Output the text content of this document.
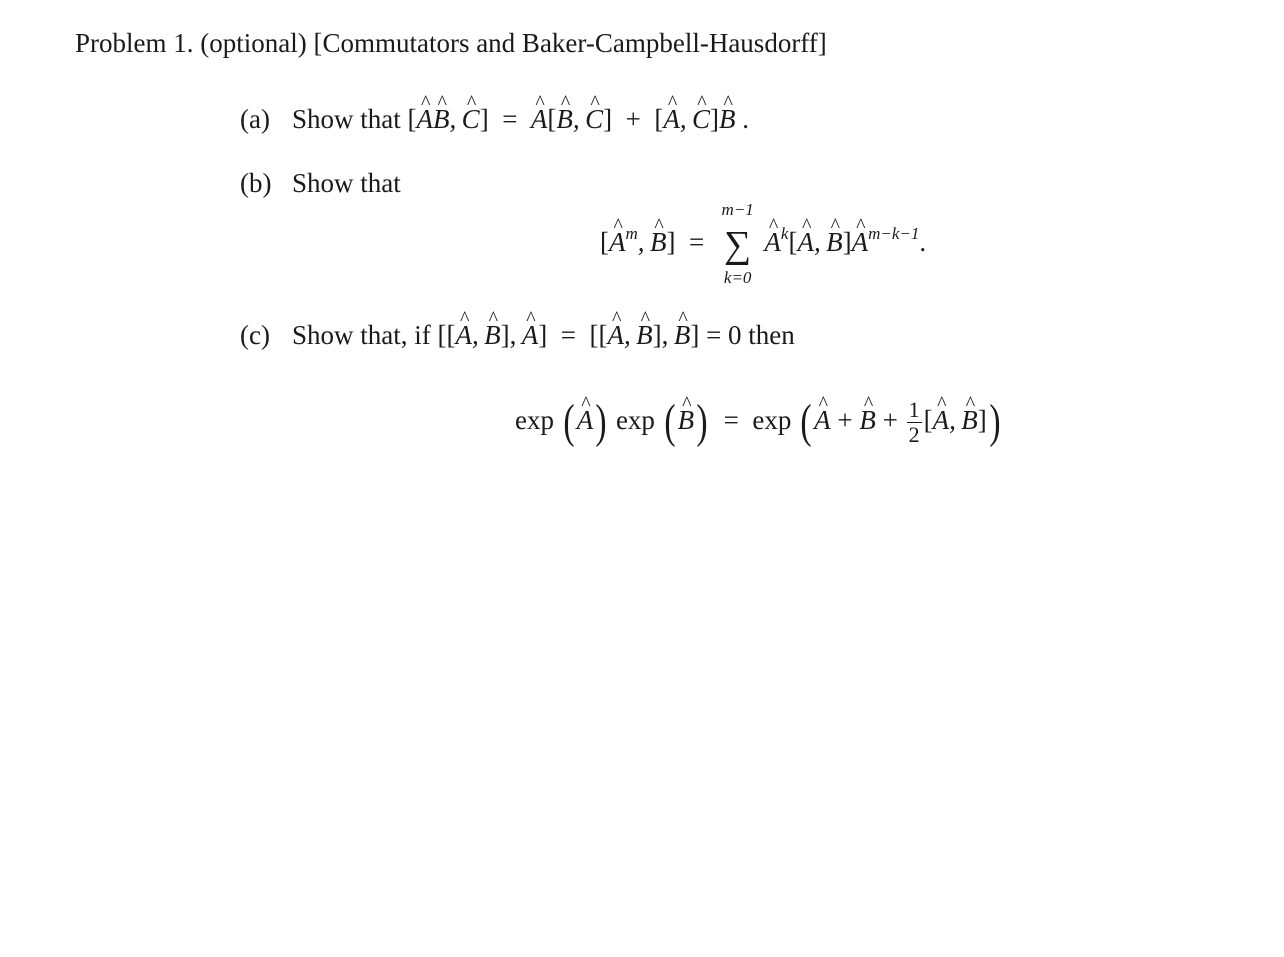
Problem 1. (optional) [Commutators and Baker-Campbell-Hausdorff]
(a) Show that [^ A^ B, ^ C]  =  ^ A[^ B, ^ C]  +  [^ A, ^ C]^ B .
(b) Show that
[^ $A^m$, ^ B]  =
m−1
∑
k=0
^ $A^k[\^{}$ A, ^ B]^ $A^{m-k-1}$.
(c) Show that, if [[^ A, ^ B], ^ A]  =  [[^ A, ^ B], ^ B] = 0 then
exp (^ A) exp (^ B)  =  exp (^ A + ^ $B + \frac{1}{2}$ [^ A, ^ B])
